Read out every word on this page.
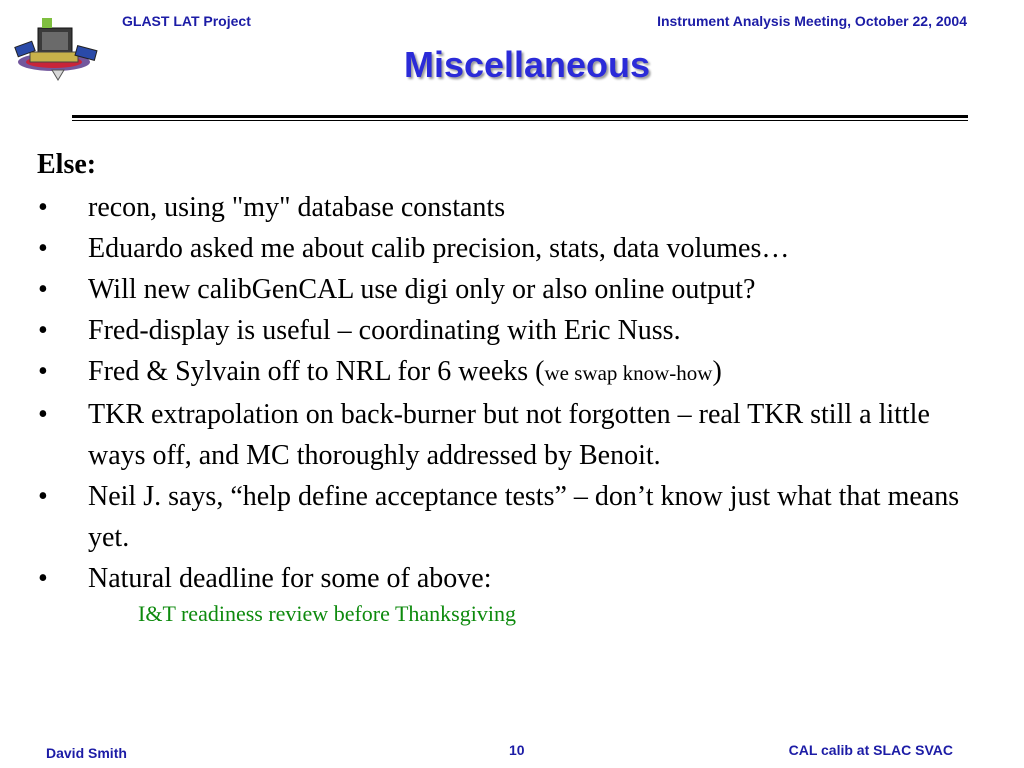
GLAST LAT Project	Instrument Analysis Meeting, October 22, 2004
Miscellaneous
Else:
• recon, using "my" database constants
• Eduardo asked me about calib precision, stats, data volumes…
• Will new calibGenCAL use digi only or also online output?
• Fred-display is useful – coordinating with Eric Nuss.
• Fred & Sylvain off to NRL for 6 weeks (we swap know-how)
• TKR extrapolation on back-burner but not forgotten – real TKR still a little ways off, and MC thoroughly addressed by Benoit.
• Neil J. says, “help define acceptance tests” – don’t know just what that means yet.
• Natural deadline for some of above:
I&T readiness review before Thanksgiving
David Smith	10	CAL calib at SLAC SVAC
